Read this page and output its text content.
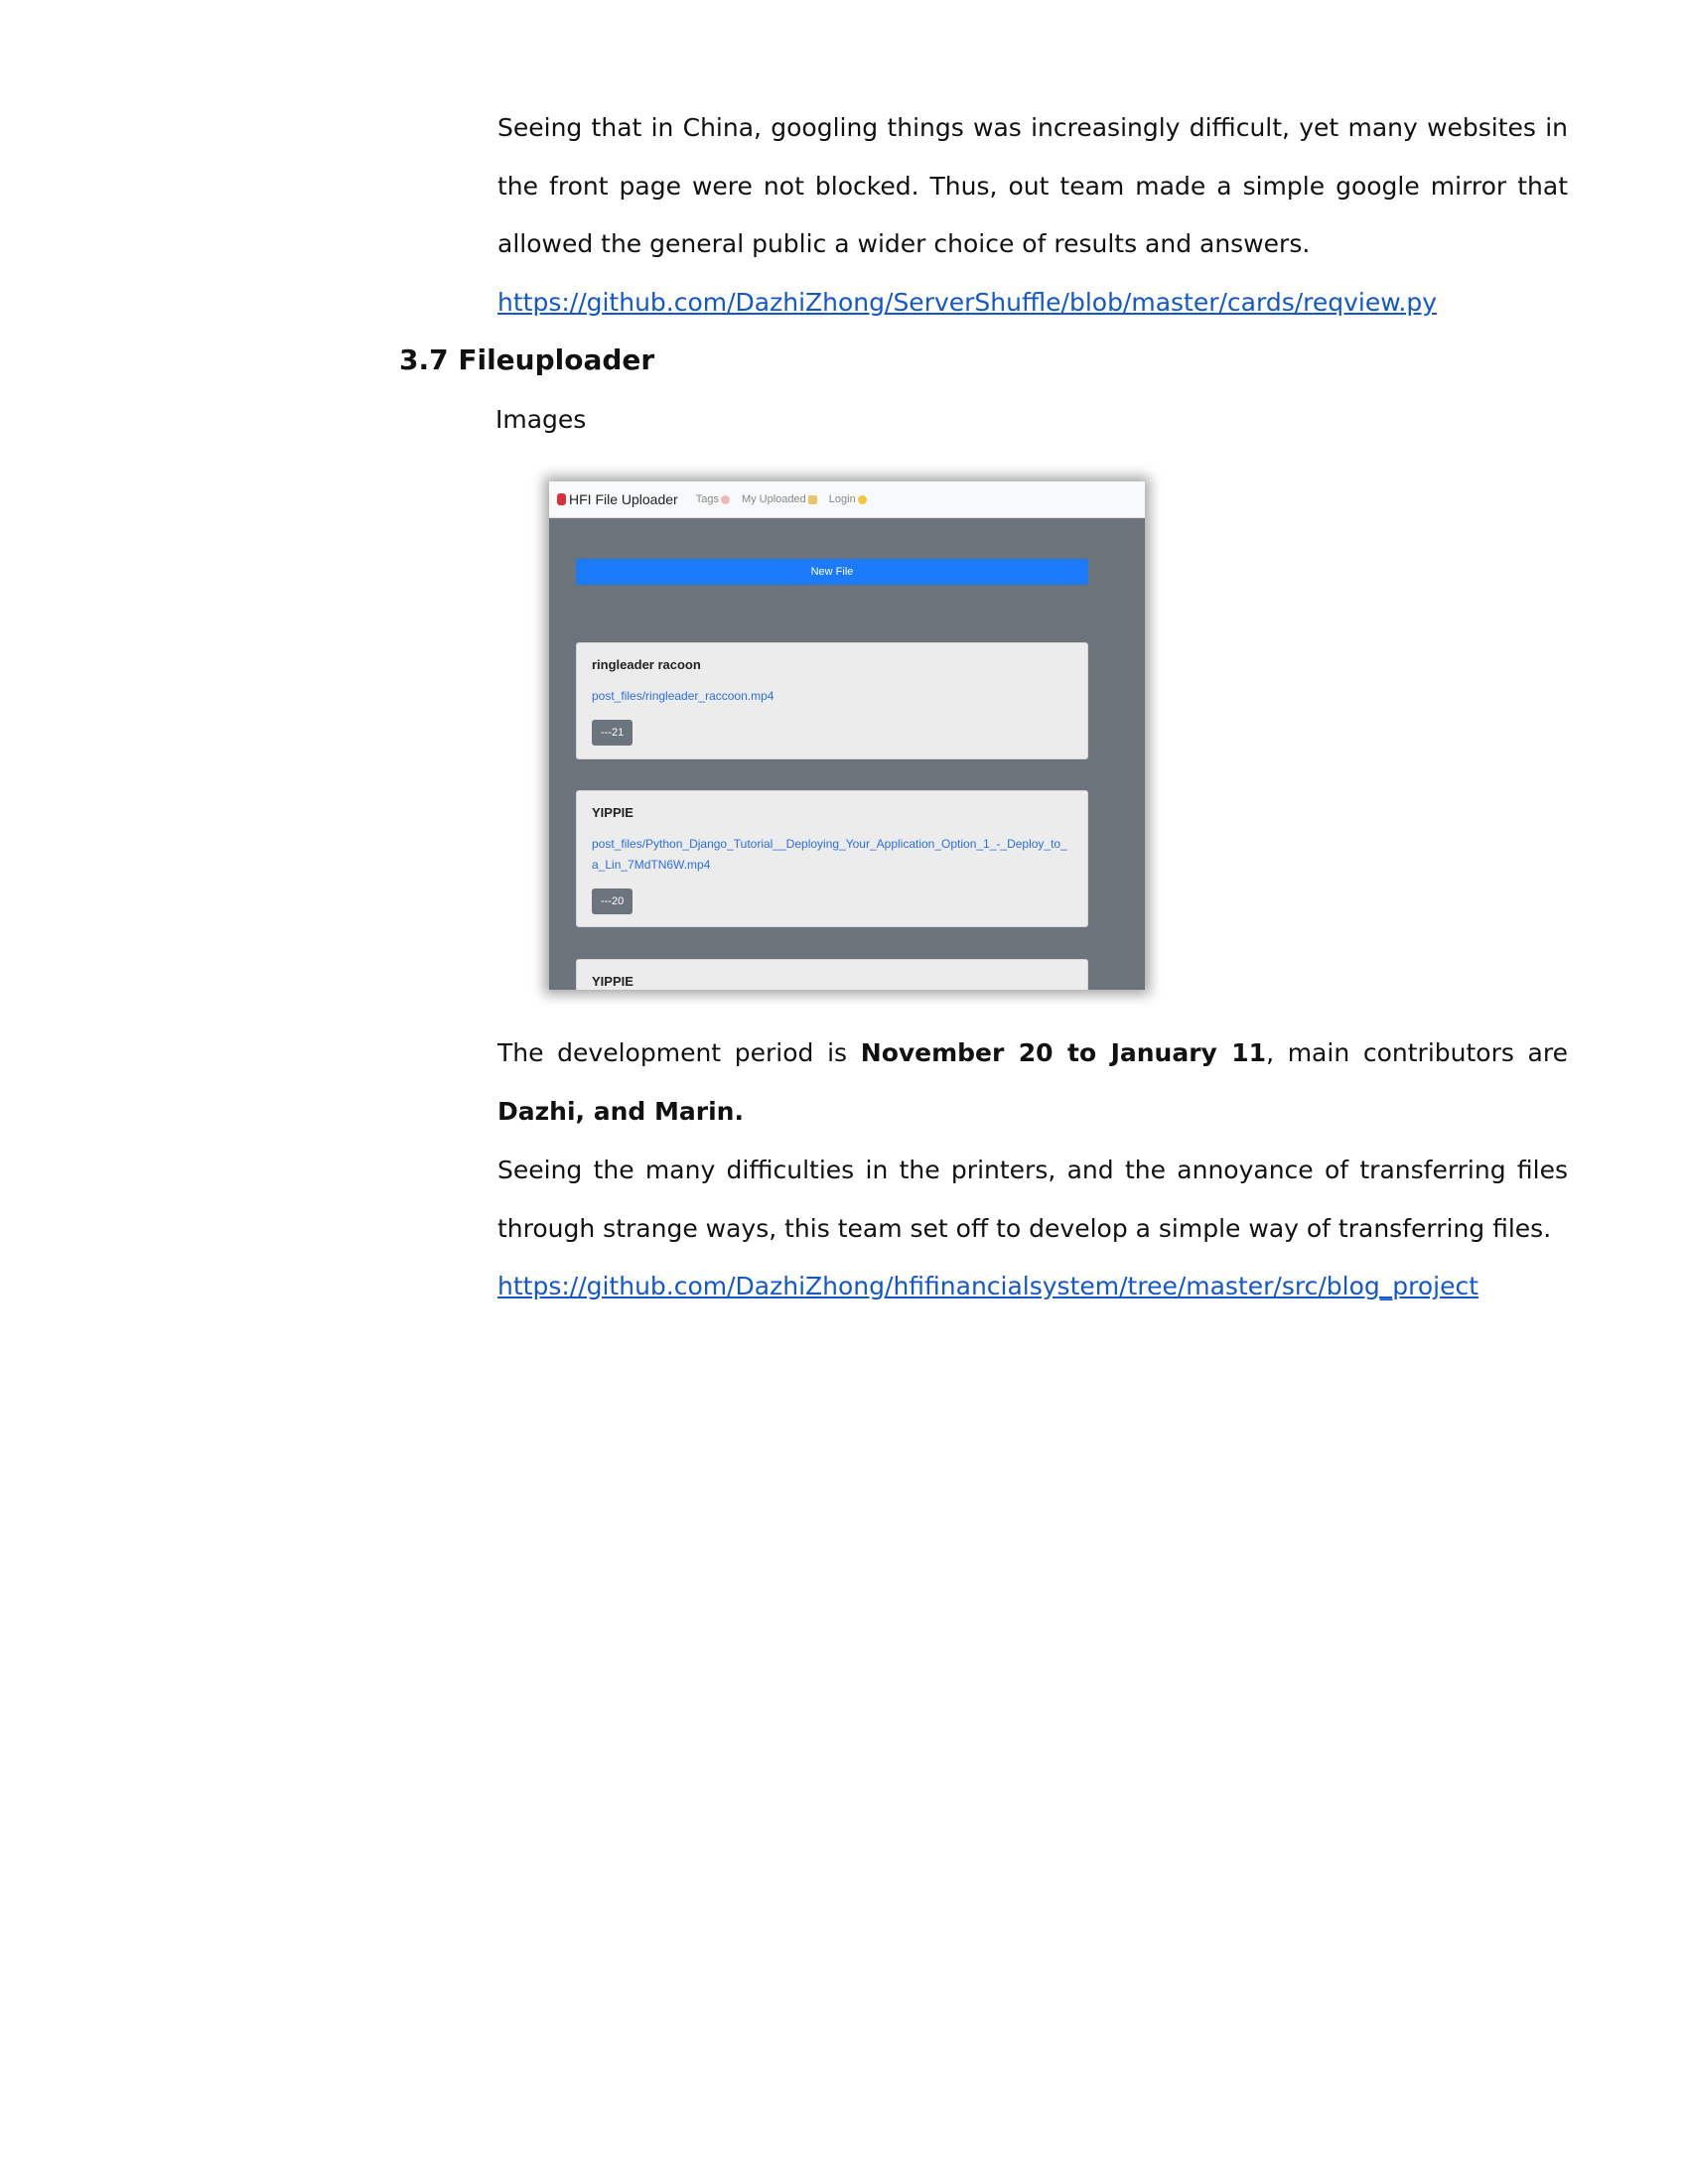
Seeing that in China, googling things was increasingly difficult, yet many websites in the front page were not blocked. Thus, out team made a simple google mirror that allowed the general public a wider choice of results and answers.

https://github.com/DazhiZhong/ServerShuffle/blob/master/cards/reqview.py

3.7 Fileuploader
Images
HFI File Uploader Tags My Uploaded Login
New File

ringleader racoon

post_files/ringleader_raccoon.mp4

---21

YIPPIE

post_files/Python_Django_Tutorial__Deploying_Your_Application_Option_1_-_Deploy_to_a_Lin_7MdTN6W.mp4

---20

YIPPIE

The development period is November 20 to January 11, main contributors are Dazhi, and Marin.

Seeing the many difficulties in the printers, and the annoyance of transferring files through strange ways, this team set off to develop a simple way of transferring files.

https://github.com/DazhiZhong/hfifinancialsystem/tree/master/src/blog_project
